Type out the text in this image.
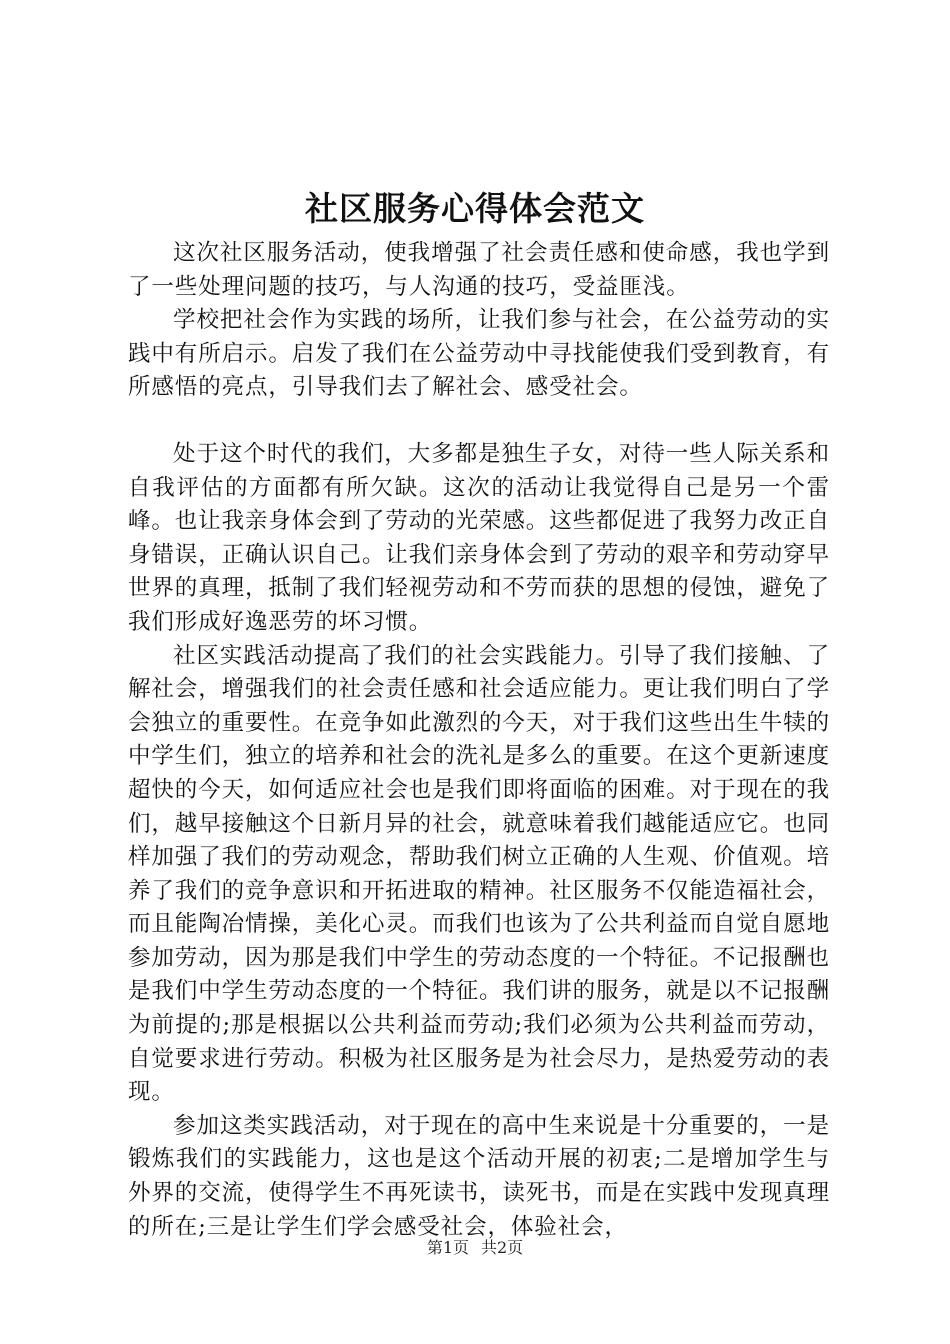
社区服务心得体会范文

这次社区服务活动，使我增强了社会责任感和使命感，我也学到了一些处理问题的技巧，与人沟通的技巧，受益匪浅。

学校把社会作为实践的场所，让我们参与社会，在公益劳动的实践中有所启示。启发了我们在公益劳动中寻找能使我们受到教育，有所感悟的亮点，引导我们去了解社会、感受社会。

处于这个时代的我们，大多都是独生子女，对待一些人际关系和自我评估的方面都有所欠缺。这次的活动让我觉得自己是另一个雷峰。也让我亲身体会到了劳动的光荣感。这些都促进了我努力改正自身错误，正确认识自己。让我们亲身体会到了劳动的艰辛和劳动穿早世界的真理，抵制了我们轻视劳动和不劳而获的思想的侵蚀，避免了我们形成好逸恶劳的坏习惯。

社区实践活动提高了我们的社会实践能力。引导了我们接触、了解社会，增强我们的社会责任感和社会适应能力。更让我们明白了学会独立的重要性。在竞争如此激烈的今天，对于我们这些出生牛犊的中学生们，独立的培养和社会的洗礼是多么的重要。在这个更新速度超快的今天，如何适应社会也是我们即将面临的困难。对于现在的我们，越早接触这个日新月异的社会，就意味着我们越能适应它。也同样加强了我们的劳动观念，帮助我们树立正确的人生观、价值观。培养了我们的竞争意识和开拓进取的精神。社区服务不仅能造福社会，而且能陶冶情操，美化心灵。而我们也该为了公共利益而自觉自愿地参加劳动，因为那是我们中学生的劳动态度的一个特征。不记报酬也是我们中学生劳动态度的一个特征。我们讲的服务，就是以不记报酬为前提的;那是根据以公共利益而劳动;我们必须为公共利益而劳动，自觉要求进行劳动。积极为社区服务是为社会尽力，是热爱劳动的表现。

参加这类实践活动，对于现在的高中生来说是十分重要的，一是锻炼我们的实践能力，这也是这个活动开展的初衷;二是增加学生与外界的交流，使得学生不再死读书，读死书，而是在实践中发现真理的所在;三是让学生们学会感受社会，体验社会，

第1页 共2页
